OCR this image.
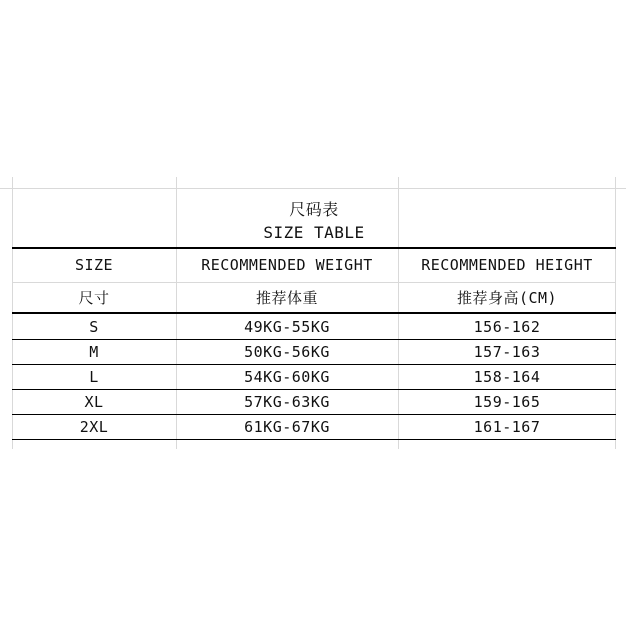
尺码表
SIZE TABLE
SIZE	RECOMMENDED WEIGHT	RECOMMENDED HEIGHT
尺寸	推荐体重	推荐身高(CM)
S	49KG-55KG	156-162
M	50KG-56KG	157-163
L	54KG-60KG	158-164
XL	57KG-63KG	159-165
2XL	61KG-67KG	161-167
